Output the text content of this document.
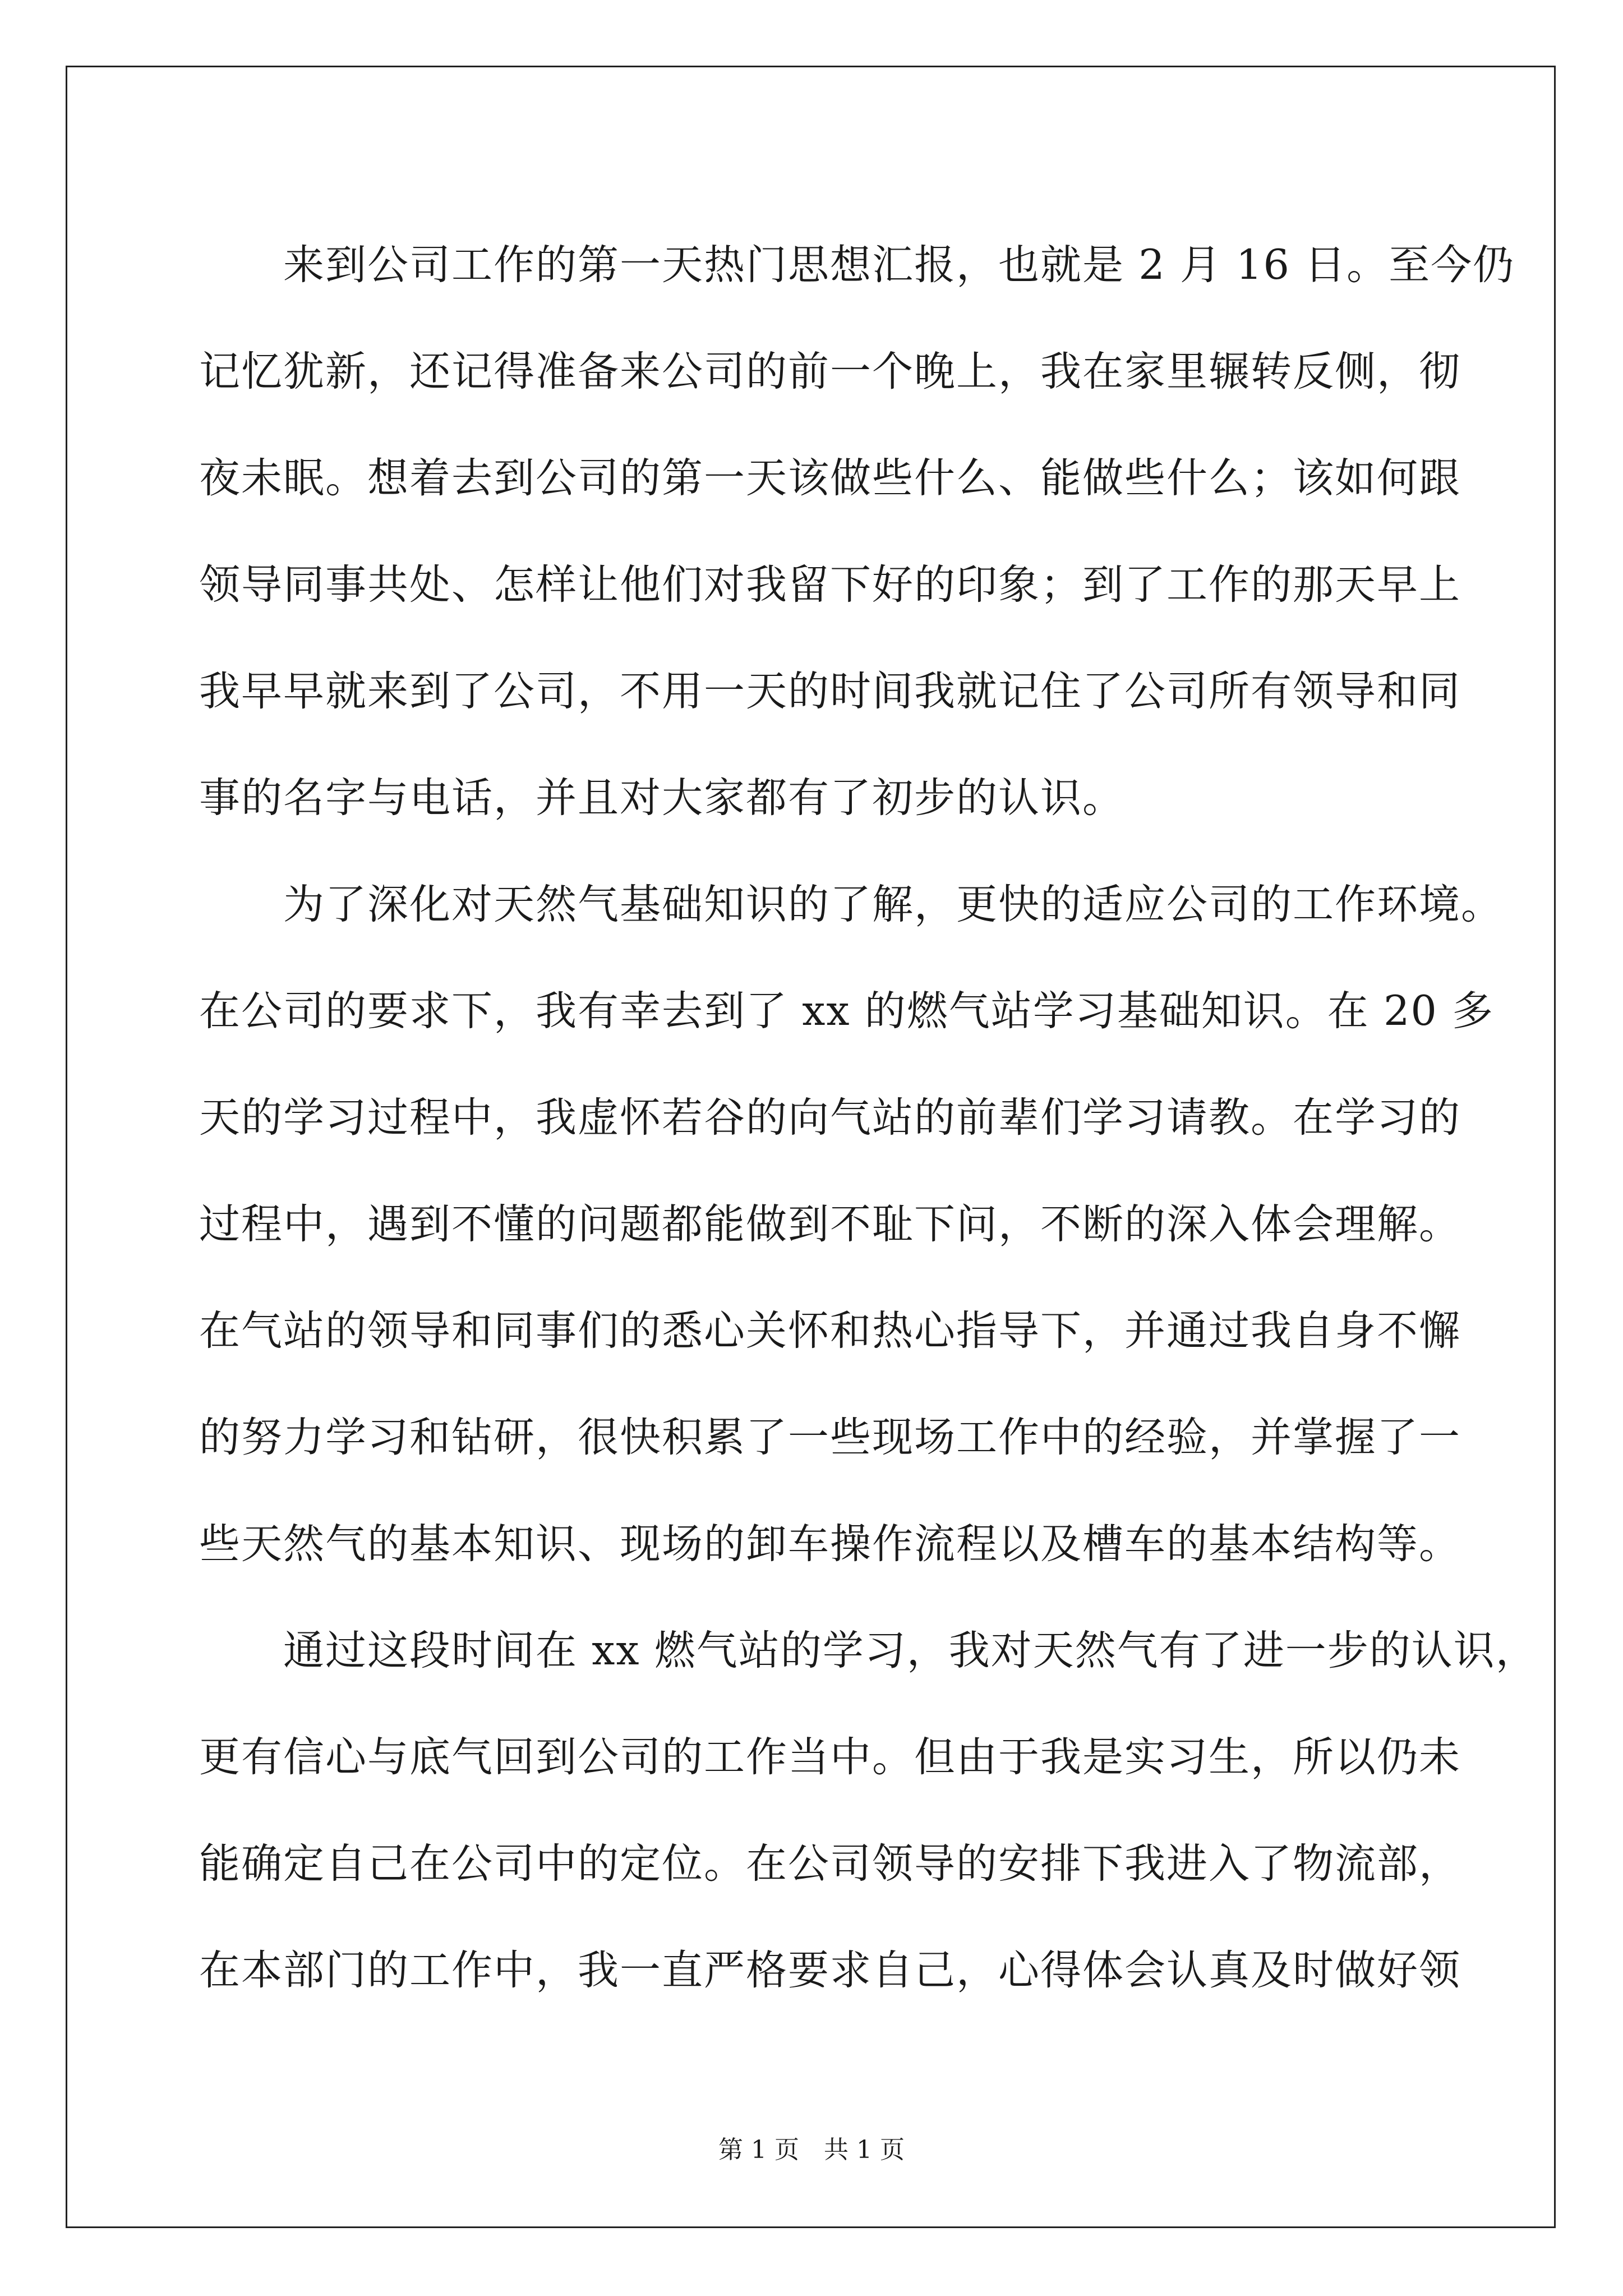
来到公司工作的第一天热门思想汇报，也就是 2 月 16 日。至今仍
记忆犹新，还记得准备来公司的前一个晚上，我在家里辗转反侧，彻
夜未眠。想着去到公司的第一天该做些什么、能做些什么；该如何跟
领导同事共处、怎样让他们对我留下好的印象；到了工作的那天早上
我早早就来到了公司，不用一天的时间我就记住了公司所有领导和同
事的名字与电话，并且对大家都有了初步的认识。
为了深化对天然气基础知识的了解，更快的适应公司的工作环境。
在公司的要求下，我有幸去到了 xx 的燃气站学习基础知识。在 20 多
天的学习过程中，我虚怀若谷的向气站的前辈们学习请教。在学习的
过程中，遇到不懂的问题都能做到不耻下问，不断的深入体会理解。
在气站的领导和同事们的悉心关怀和热心指导下，并通过我自身不懈
的努力学习和钻研，很快积累了一些现场工作中的经验，并掌握了一
些天然气的基本知识、现场的卸车操作流程以及槽车的基本结构等。
通过这段时间在 xx 燃气站的学习，我对天然气有了进一步的认识，
更有信心与底气回到公司的工作当中。但由于我是实习生，所以仍未
能确定自己在公司中的定位。在公司领导的安排下我进入了物流部，
在本部门的工作中，我一直严格要求自己，心得体会认真及时做好领
第 1 页 共 1 页
